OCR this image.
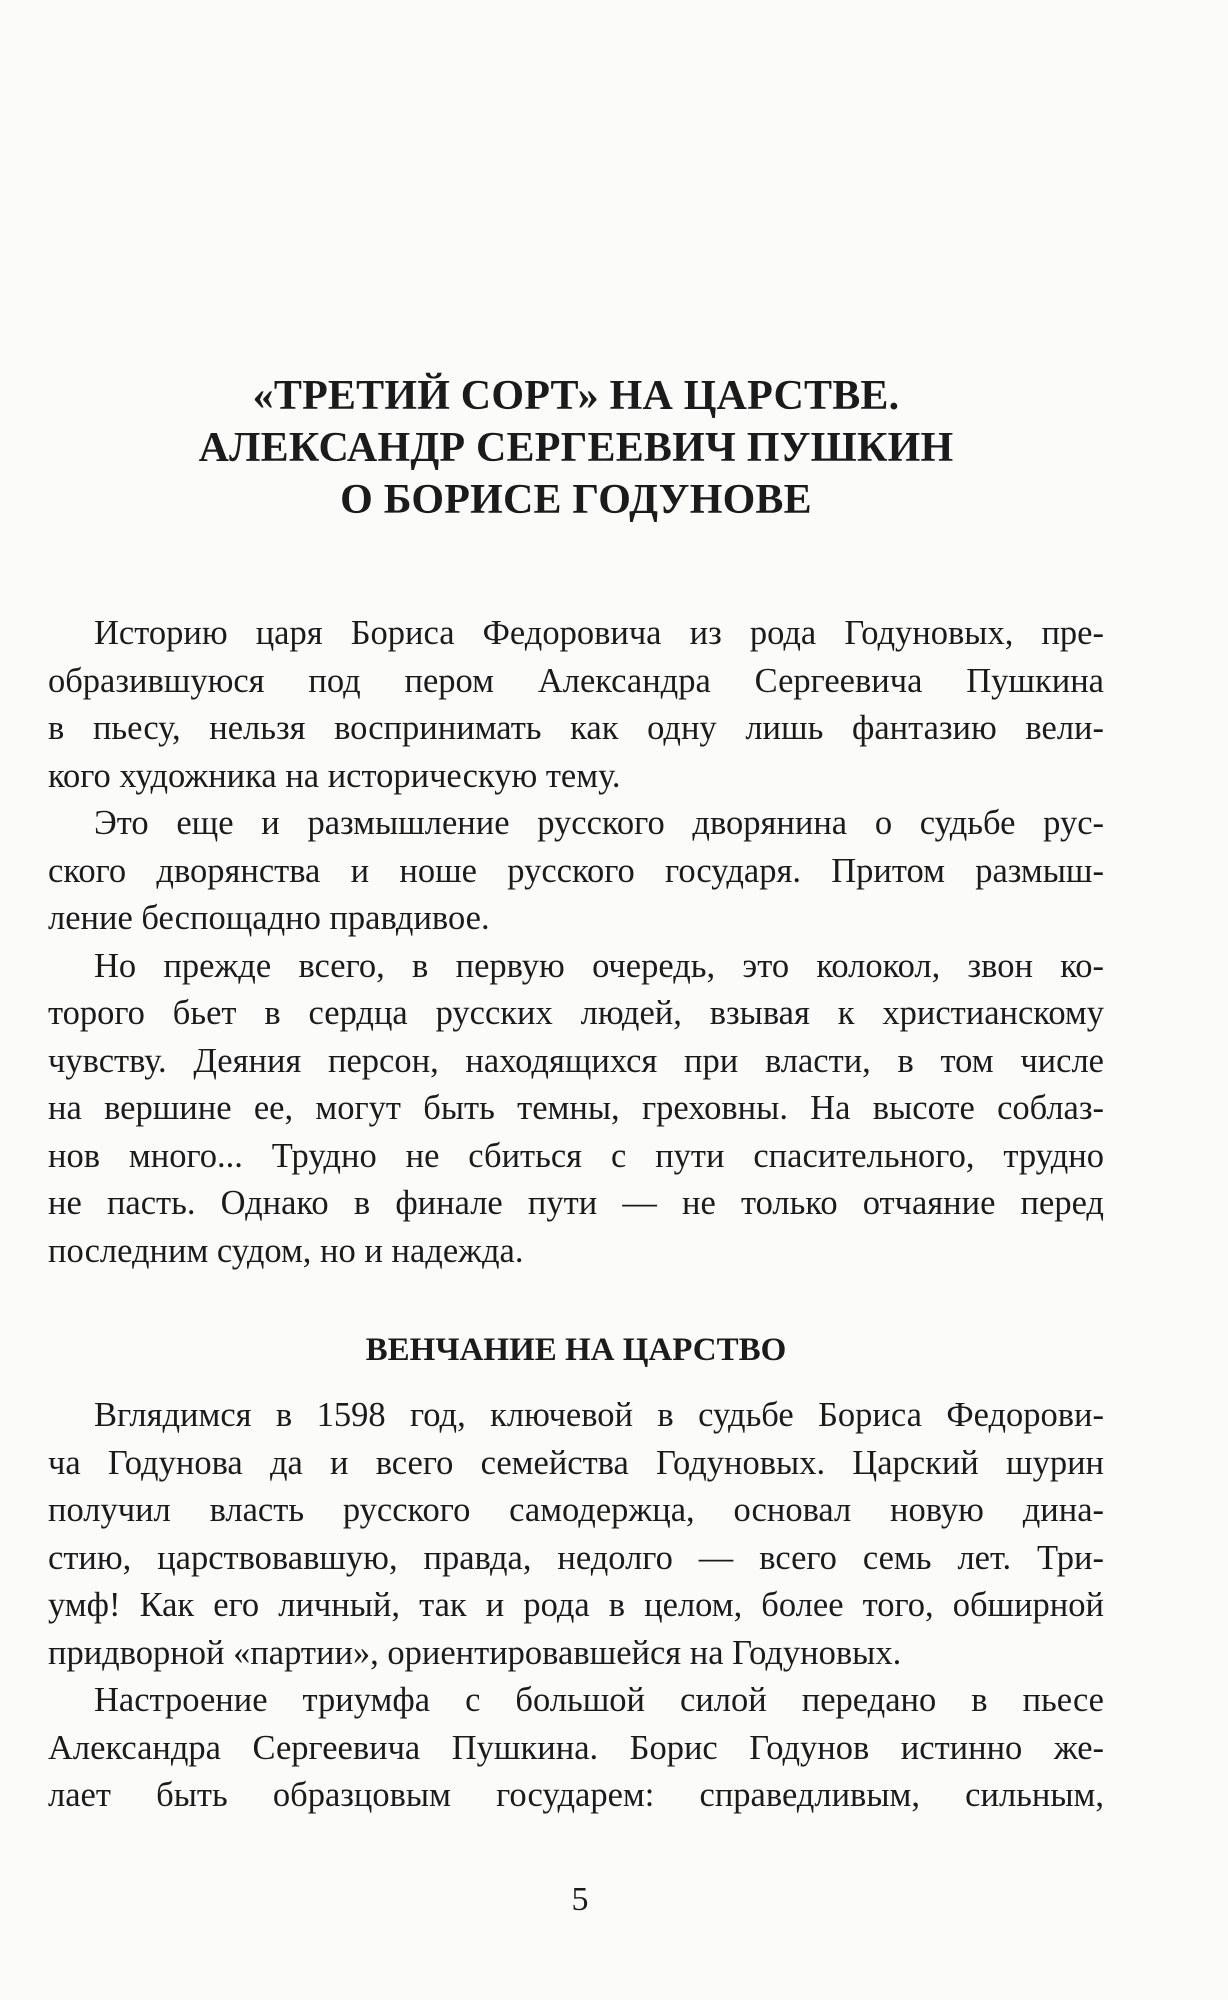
«ТРЕТИЙ СОРТ» НА ЦАРСТВЕ.
АЛЕКСАНДР СЕРГЕЕВИЧ ПУШКИН
О БОРИСЕ ГОДУНОВЕ
Историю царя Бориса Федоровича из рода Годуновых, пре-
образившуюся под пером Александра Сергеевича Пушкина
в пьесу, нельзя воспринимать как одну лишь фантазию вели-
кого художника на историческую тему.
Это еще и размышление русского дворянина о судьбе рус-
ского дворянства и ноше русского государя. Притом размыш-
ление беспощадно правдивое.
Но прежде всего, в первую очередь, это колокол, звон ко-
торого бьет в сердца русских людей, взывая к христианскому
чувству. Деяния персон, находящихся при власти, в том числе
на вершине ее, могут быть темны, греховны. На высоте соблаз-
нов много... Трудно не сбиться с пути спасительного, трудно
не пасть. Однако в финале пути — не только отчаяние перед
последним судом, но и надежда.
ВЕНЧАНИЕ НА ЦАРСТВО
Вглядимся в 1598 год, ключевой в судьбе Бориса Федорови-
ча Годунова да и всего семейства Годуновых. Царский шурин
получил власть русского самодержца, основал новую дина-
стию, царствовавшую, правда, недолго — всего семь лет. Три-
умф! Как его личный, так и рода в целом, более того, обширной
придворной «партии», ориентировавшейся на Годуновых.
Настроение триумфа с большой силой передано в пьесе
Александра Сергеевича Пушкина. Борис Годунов истинно же-
лает быть образцовым государем: справедливым, сильным,
5
